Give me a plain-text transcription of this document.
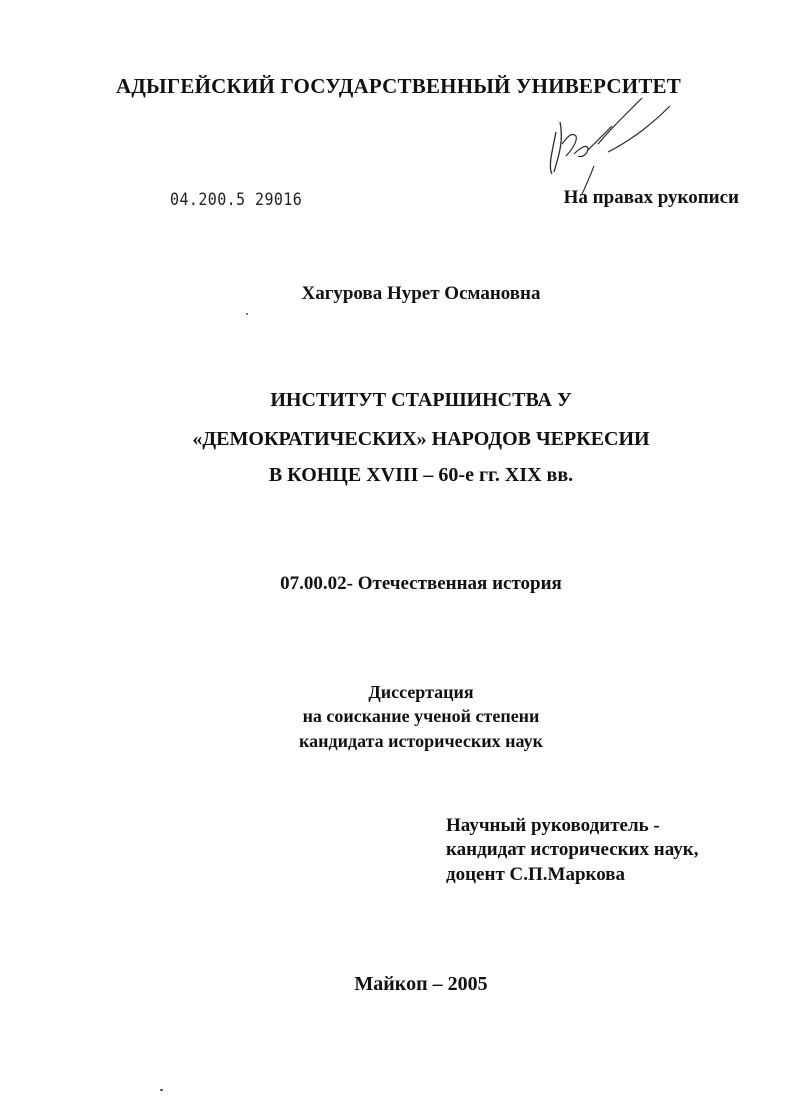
АДЫГЕЙСКИЙ ГОСУДАРСТВЕННЫЙ УНИВЕРСИТЕТ
04.200.5 29016	На правах рукописи
Хагурова Нурет Османовна
ИНСТИТУТ СТАРШИНСТВА У
«ДЕМОКРАТИЧЕСКИХ» НАРОДОВ ЧЕРКЕСИИ
В КОНЦЕ XVIII – 60-е гг. XIX вв.
07.00.02- Отечественная история
Диссертация
на соискание ученой степени
кандидата исторических наук
Научный руководитель -
кандидат исторических наук,
доцент С.П.Маркова
Майкоп – 2005
